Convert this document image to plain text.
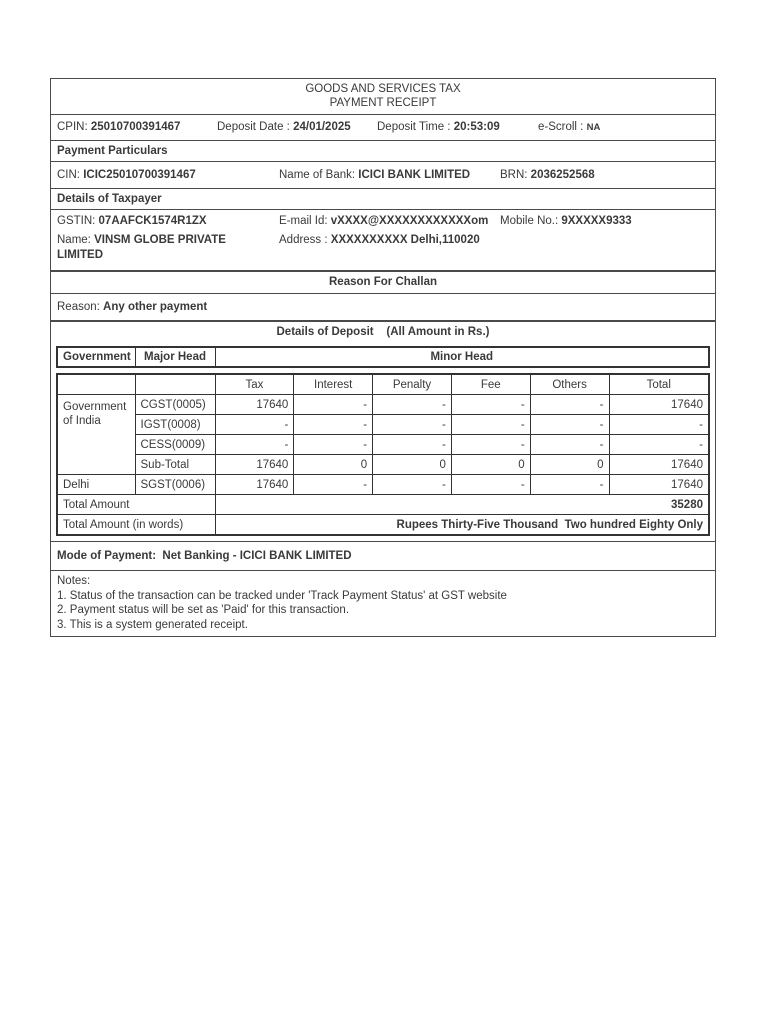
GOODS AND SERVICES TAX
PAYMENT RECEIPT
CPIN: 25010700391467	Deposit Date : 24/01/2025 Deposit Time : 20:53:09	e-Scroll : NA
Payment Particulars
CIN: ICIC25010700391467	Name of Bank: ICICI BANK LIMITED	BRN: 2036252568
Details of Taxpayer
GSTIN: 07AAFCK1574R1ZX	E-mail Id: vXXXX@XXXXXXXXXXXXom Mobile No.: 9XXXXX9333
Name: VINSM GLOBE PRIVATE
LIMITED
Address : XXXXXXXXXX Delhi,110020
Reason For Challan
Reason: Any other payment
Details of Deposit    (All Amount in Rs.)
Government	Major Head	Minor Head
		Tax	Interest	Penalty	Fee	Others	Total
Government of India	CGST(0005)	17640	-	-	-	-	17640
	IGST(0008)	-	-	-	-	-	-
	CESS(0009)	-	-	-	-	-	-
	Sub-Total	17640	0	0	0	0	17640
Delhi	SGST(0006)	17640	-	-	-	-	17640
Total Amount		35280					
Total Amount (in words)		Rupees Thirty-Five Thousand  Two hundred Eighty Only					
Mode of Payment:  Net Banking - ICICI BANK LIMITED
Notes:
1. Status of the transaction can be tracked under 'Track Payment Status' at GST website
2. Payment status will be set as 'Paid' for this transaction.
3. This is a system generated receipt.
